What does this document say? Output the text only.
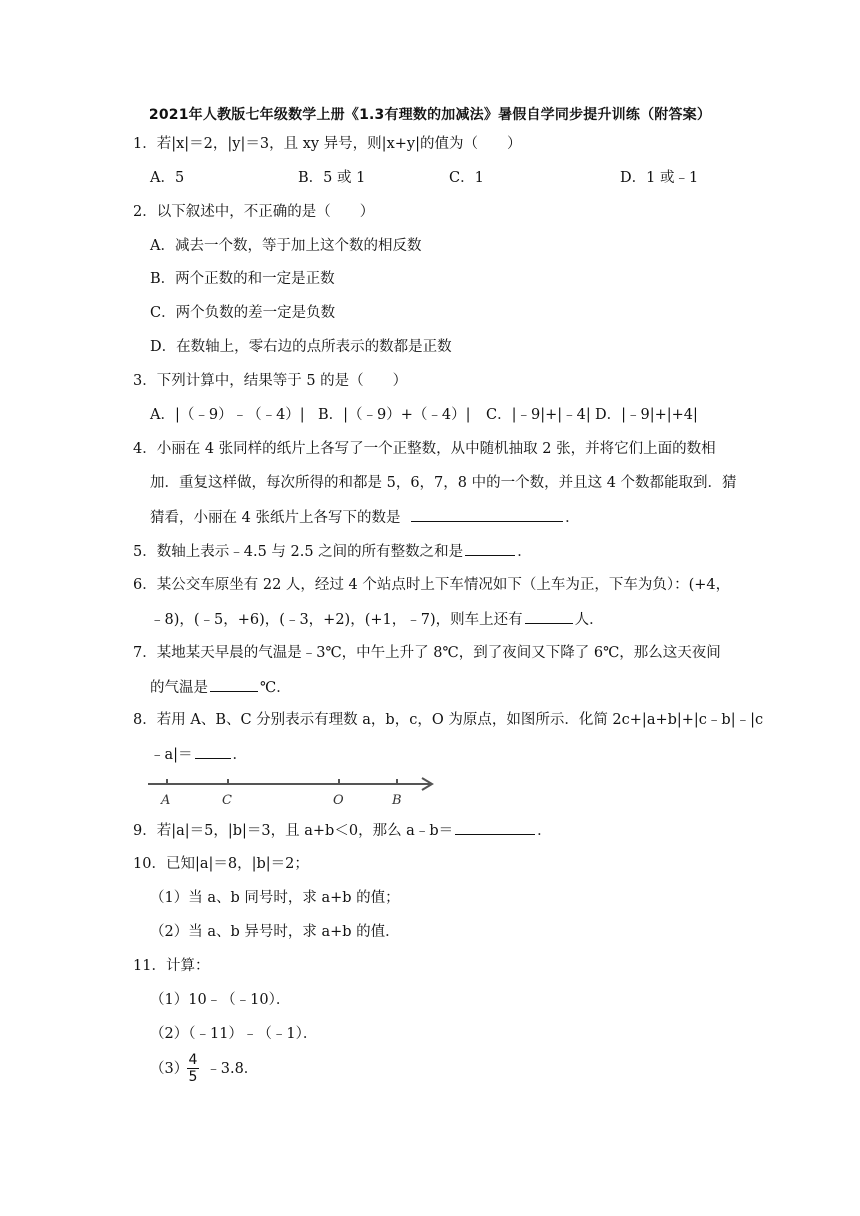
2021年人教版七年级数学上册《1.3有理数的加减法》暑假自学同步提升训练（附答案）
1．若|x|＝2，|y|＝3，且 xy 异号，则|x+y|的值为（　　）
A．5	B．5 或 1	C．1	D．1 或﹣1
2．以下叙述中，不正确的是（　　）
A．减去一个数，等于加上这个数的相反数
B．两个正数的和一定是正数
C．两个负数的差一定是负数
D．在数轴上，零右边的点所表示的数都是正数
3．下列计算中，结果等于 5 的是（　　）
A．|（﹣9）﹣（﹣4）| B．|（﹣9）+（﹣4）| C．|﹣9|+|﹣4| D．|﹣9|+|+4|
4．小丽在 4 张同样的纸片上各写了一个正整数，从中随机抽取 2 张，并将它们上面的数相
加．重复这样做，每次所得的和都是 5，6，7，8 中的一个数，并且这 4 个数都能取到．猜
猜看，小丽在 4 张纸片上各写下的数是	．
5．数轴上表示﹣4.5 与 2.5 之间的所有整数之和是	．
6．某公交车原坐有 22 人，经过 4 个站点时上下车情况如下（上车为正，下车为负）：(+4，
﹣8)，(﹣5，+6)，(﹣3，+2)，(+1，﹣7)，则车上还有	人．
7．某地某天早晨的气温是﹣3℃，中午上升了 8℃，到了夜间又下降了 6℃，那么这天夜间
的气温是	℃．
8．若用 A、B、C 分别表示有理数 a，b，c，O 为原点，如图所示．化简 2c+|a+b|+|c﹣b|﹣|c
﹣a|＝	．
A	C	O	B
9．若|a|＝5，|b|＝3，且 a+b＜0，那么 a﹣b＝	．
10．已知|a|＝8，|b|＝2；
（1）当 a、b 同号时，求 a+b 的值；
（2）当 a、b 异号时，求 a+b 的值．
11．计算：
（1）10﹣（﹣10）．
（2）（﹣11）﹣（﹣1）．
（3） ﹣3.8．
4
5
